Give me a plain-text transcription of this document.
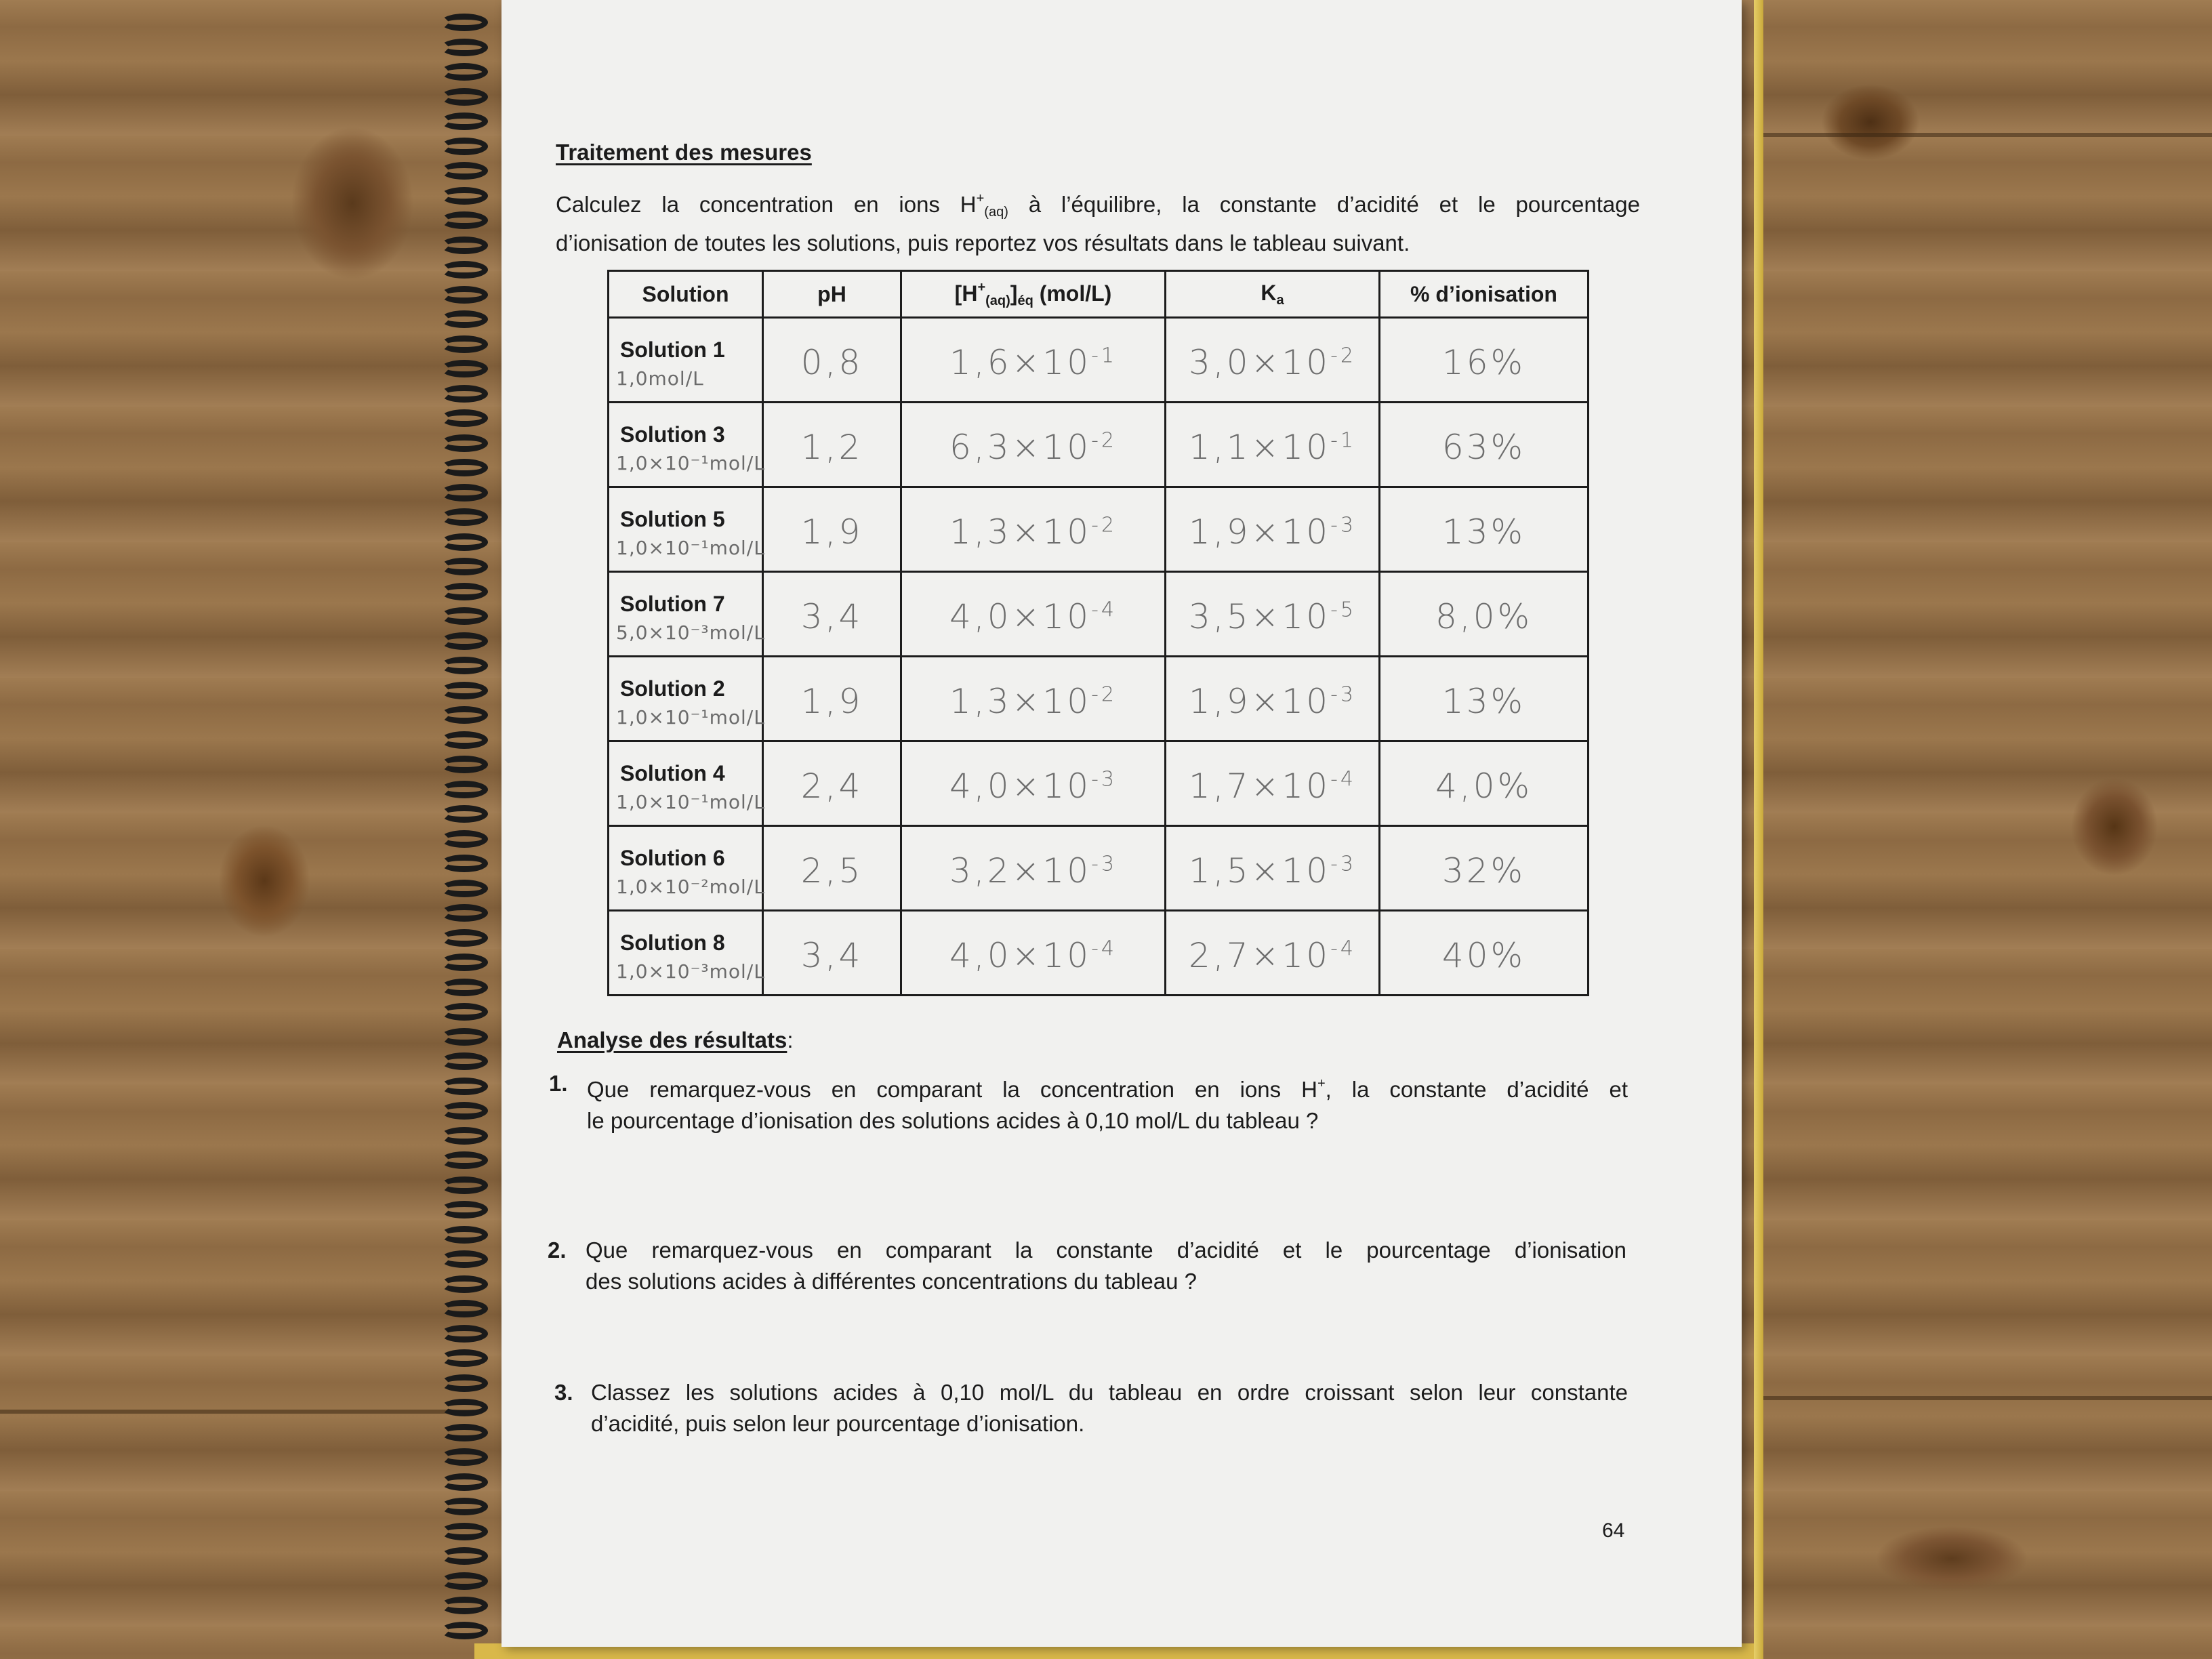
Traitement des mesures
Calculez la concentration en ions $H^+_{(aq)}$ à l’équilibre, la constante d’acidité et le pourcentage
d’ionisation de toutes les solutions, puis reportez vos résultats dans le tableau suivant.
Solution	pH	[H+(aq)]éq (mol/L)	Ka	% d’ionisation

Solution 1
1,0mol/L	0,8	$1,6\times 10^{-1}$	$3,0\times 10^{-2}$	16%

Solution 3
1,0×10⁻¹mol/L	1,2	$6,3\times 10^{-2}$	$1,1\times 10^{-1}$	63%

Solution 5
1,0×10⁻¹mol/L	1,9	$1,3\times 10^{-2}$	$1,9\times 10^{-3}$	13%

Solution 7
5,0×10⁻³mol/L	3,4	$4,0\times 10^{-4}$	$3,5\times 10^{-5}$	8,0%

Solution 2
1,0×10⁻¹mol/L	1,9	$1,3\times 10^{-2}$	$1,9\times 10^{-3}$	13%

Solution 4
1,0×10⁻¹mol/L	2,4	$4,0\times 10^{-3}$	$1,7\times 10^{-4}$	4,0%

Solution 6
1,0×10⁻²mol/L	2,5	$3,2\times 10^{-3}$	$1,5\times 10^{-3}$	32%

Solution 8
1,0×10⁻³mol/L	3,4	$4,0\times 10^{-4}$	$2,7\times 10^{-4}$	40%
Analyse des résultats:
1. Que remarquez-vous en comparant la concentration en ions H+, la constante d’acidité et
le pourcentage d’ionisation des solutions acides à 0,10 mol/L du tableau ?
2. Que remarquez-vous en comparant la constante d’acidité et le pourcentage d’ionisation
des solutions acides à différentes concentrations du tableau ?
3. Classez les solutions acides à 0,10 mol/L du tableau en ordre croissant selon leur constante
d’acidité, puis selon leur pourcentage d’ionisation.
64
